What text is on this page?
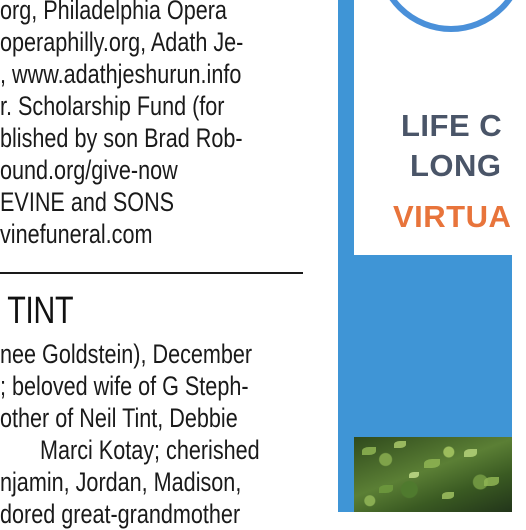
org, Philadelphia Opera
operaphilly.org, Adath Je-
, www.adathjeshurun.info
r. Scholarship Fund (for
blished by son Brad Rob-
ound.org/give-now
EVINE and SONS
vinefuneral.com
TINT
nee Goldstein), December
; beloved wife of G Steph-
other of Neil Tint, Debbie
Marci Kotay; cherished
njamin, Jordan, Madison,
dored great-grandmother
LIFE C
LONG
VIRTUA
